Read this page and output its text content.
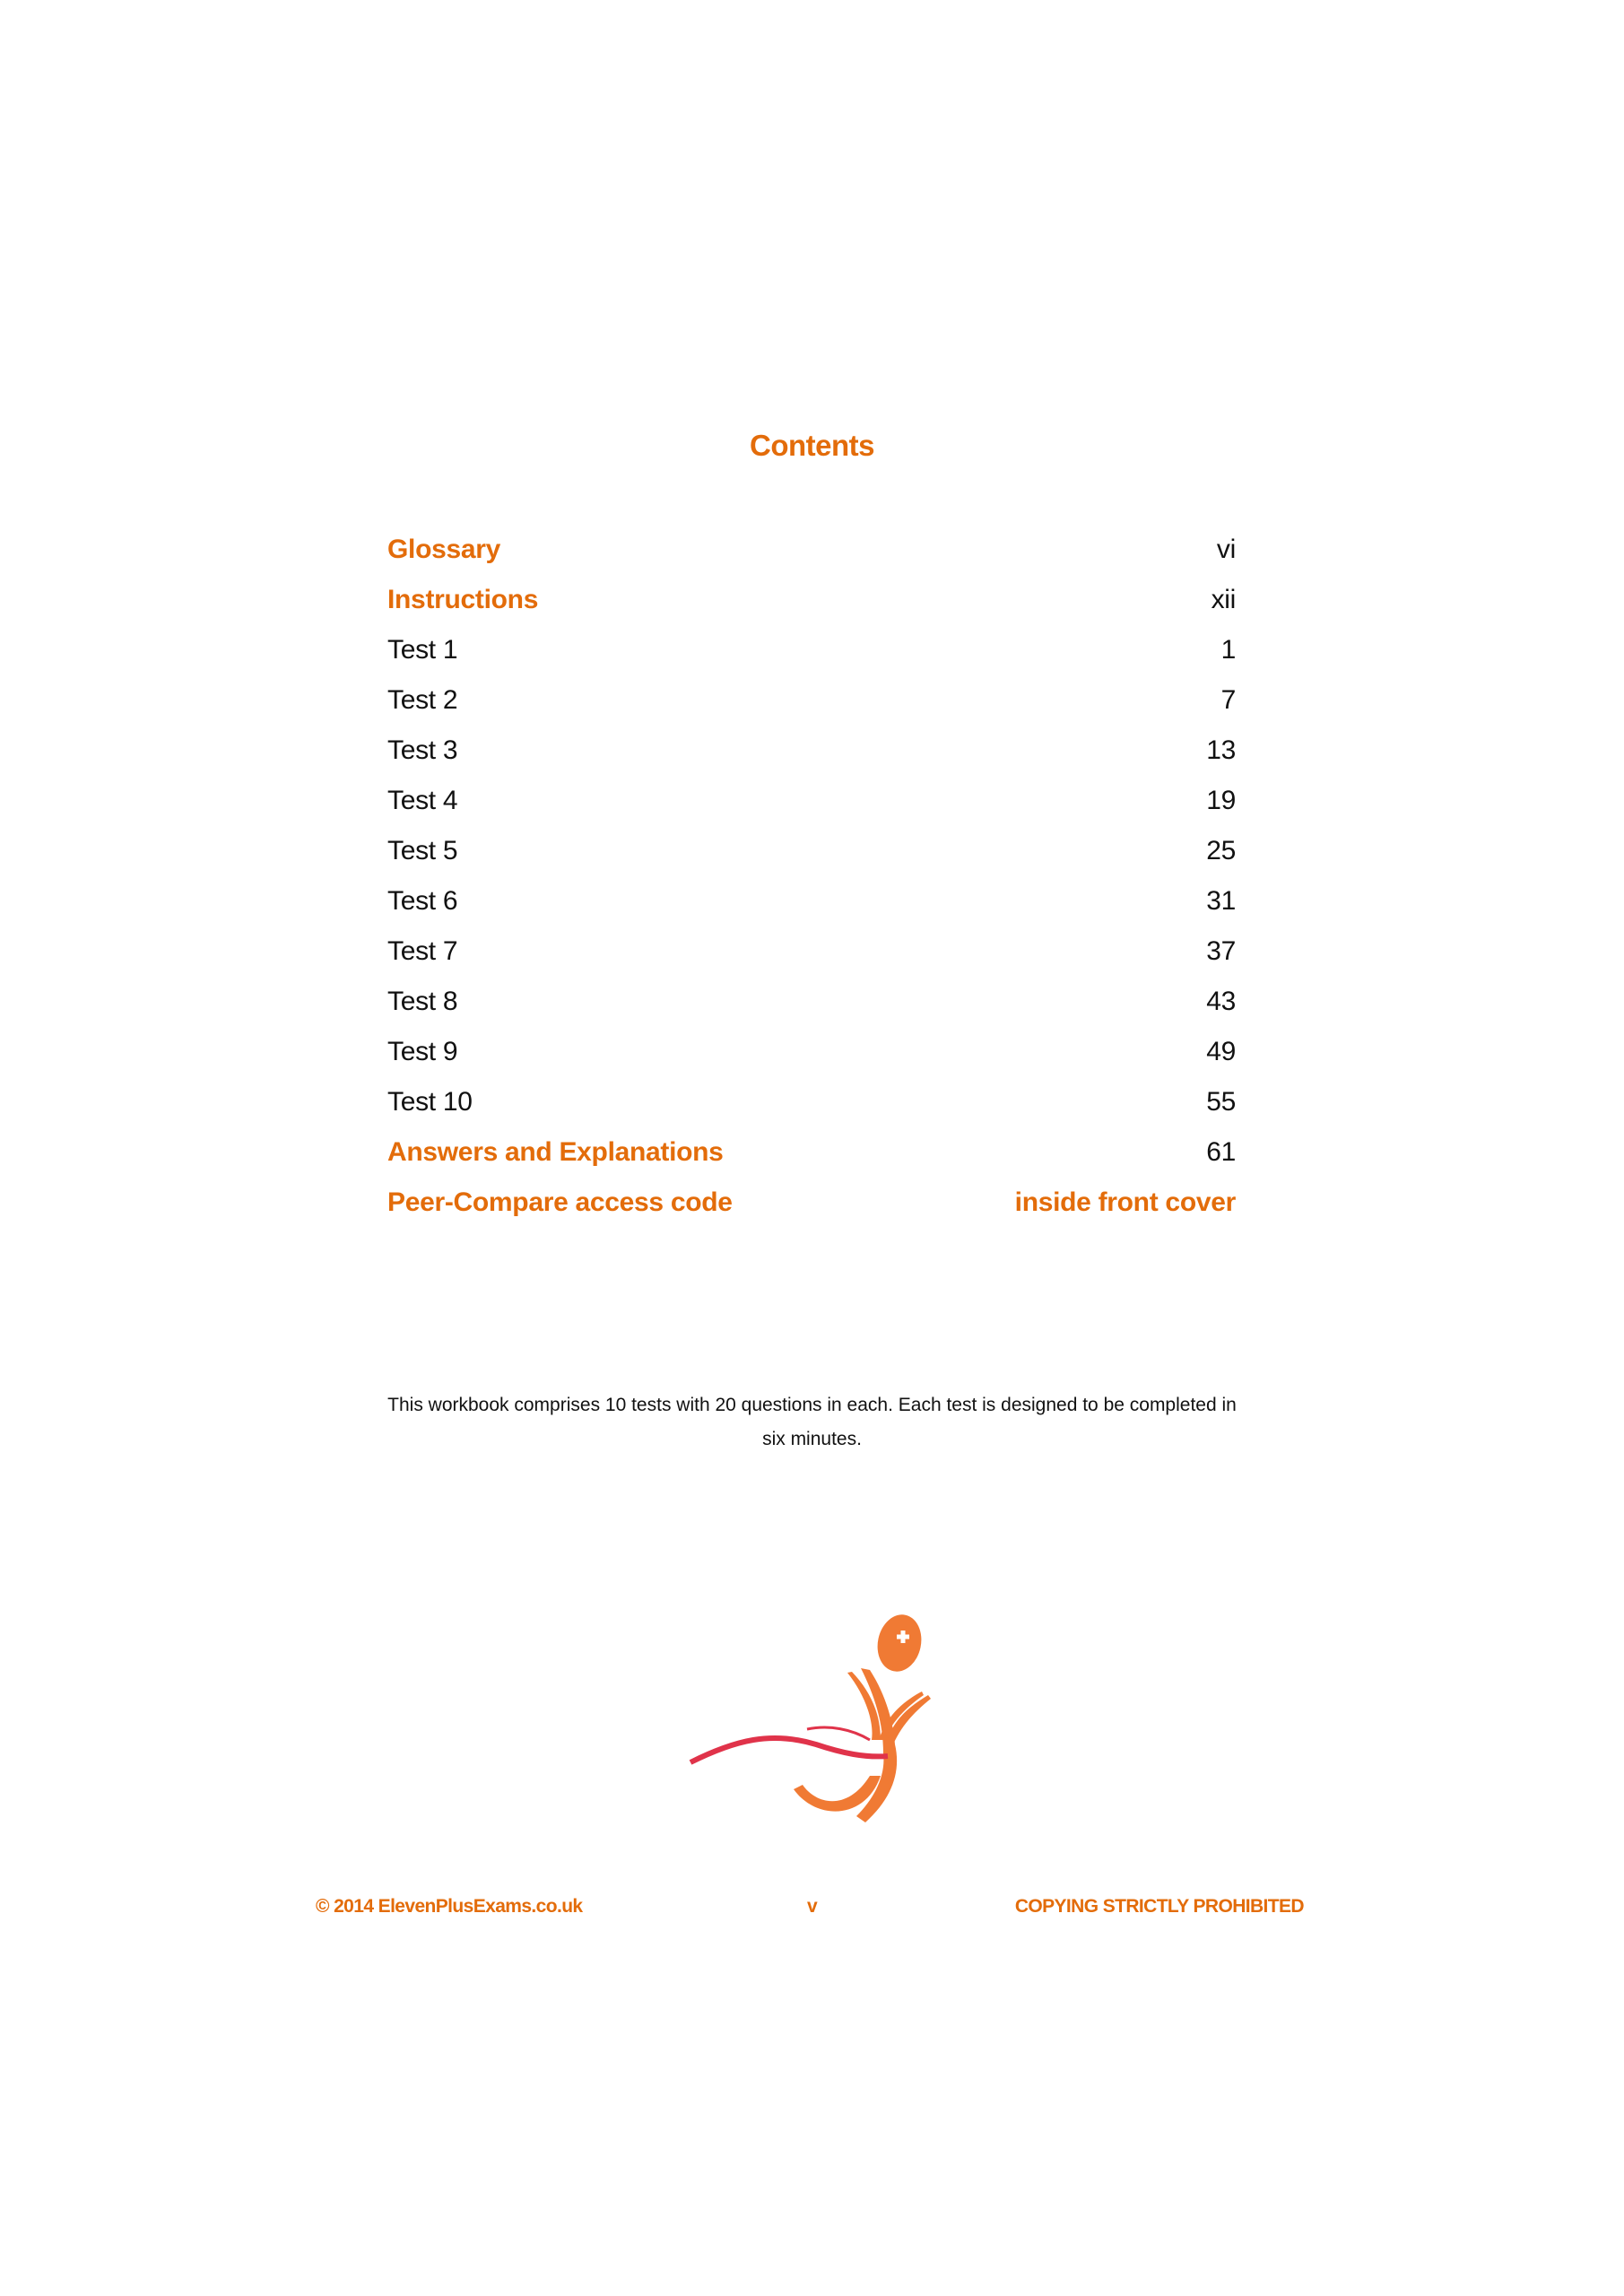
Contents
Glossary	vi
Instructions	xii
Test 1	1
Test 2	7
Test 3	13
Test 4	19
Test 5	25
Test 6	31
Test 7	37
Test 8	43
Test 9	49
Test 10	55
Answers and Explanations	61
Peer-Compare access code	inside front cover
This workbook comprises 10 tests with 20 questions in each. Each test is designed to be completed in six minutes.
© 2014 ElevenPlusExams.co.uk	v	COPYING STRICTLY PROHIBITED
